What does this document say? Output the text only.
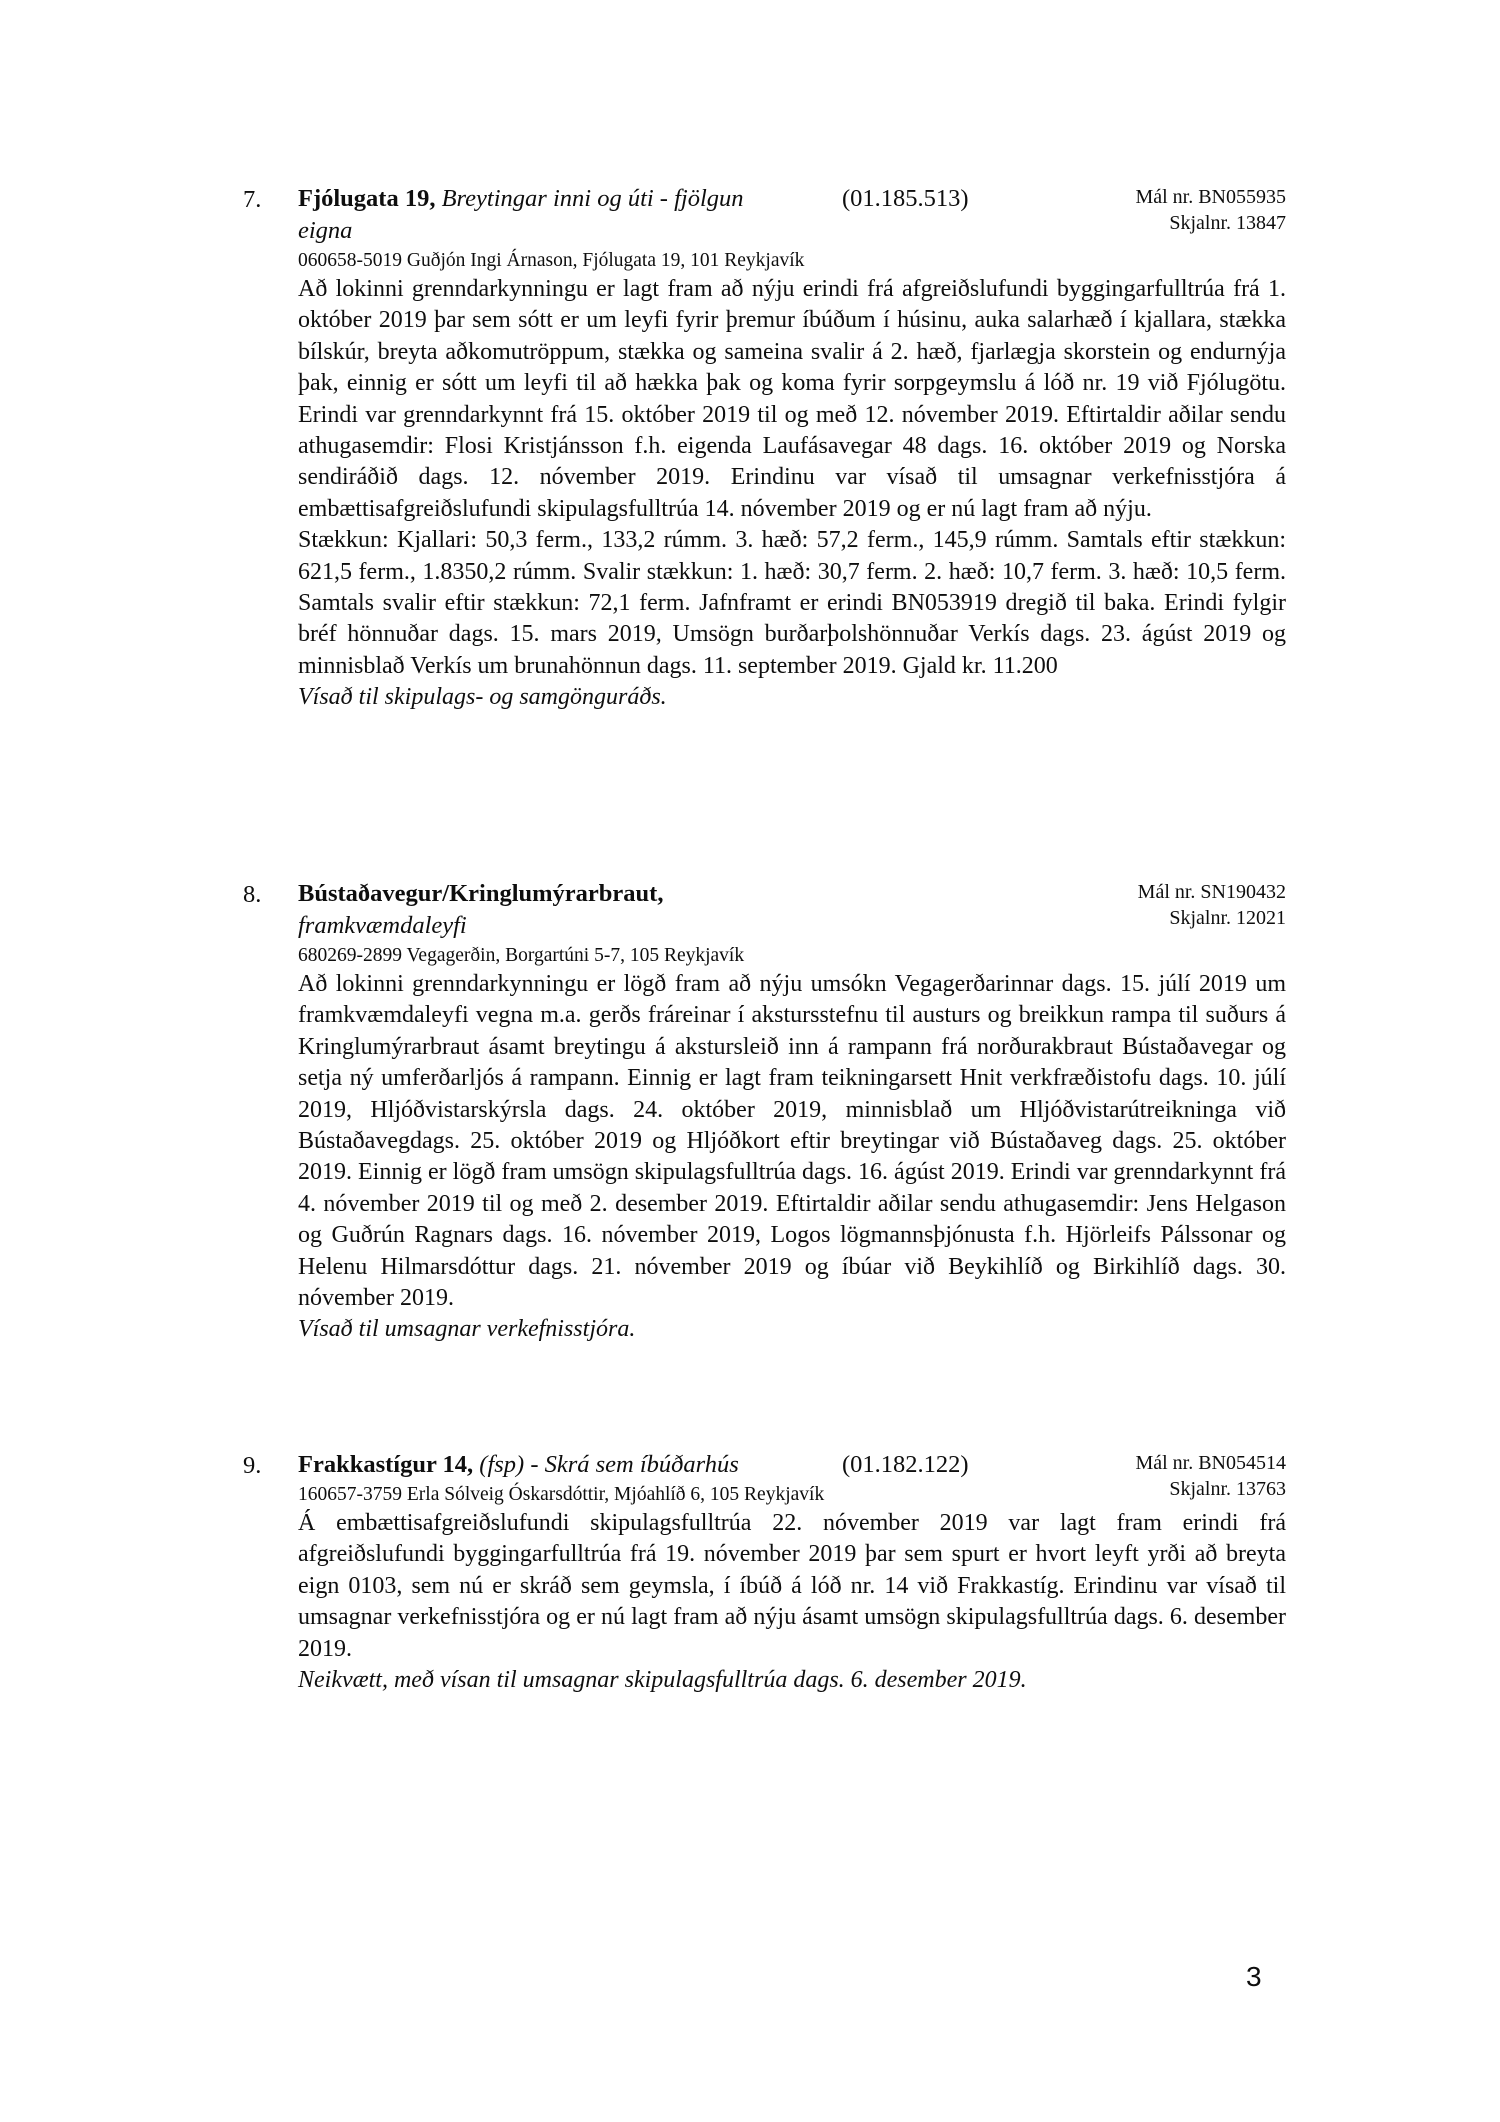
7. Fjólugata 19, Breytingar inni og úti - fjölgun eigna
(01.185.513)	Mál nr. BN055935
Skjalnr. 13847
060658-5019 Guðjón Ingi Árnason, Fjólugata 19, 101 Reykjavík

Að lokinni grenndarkynningu er lagt fram að nýju erindi frá afgreiðslufundi byggingarfulltrúa frá 1. október 2019 þar sem sótt er um leyfi fyrir þremur íbúðum í húsinu, auka salarhæð í kjallara, stækka bílskúr, breyta aðkomutröppum, stækka og sameina svalir á 2. hæð, fjarlægja skorstein og endurnýja þak, einnig er sótt um leyfi til að hækka þak og koma fyrir sorpgeymslu á lóð nr. 19 við Fjólugötu. Erindi var grenndarkynnt frá 15. október 2019 til og með 12. nóvember 2019. Eftirtaldir aðilar sendu athugasemdir: Flosi Kristjánsson f.h. eigenda Laufásavegar 48 dags. 16. október 2019 og Norska sendiráðið dags. 12. nóvember 2019. Erindinu var vísað til umsagnar verkefnisstjóra á embættisafgreiðslufundi skipulagsfulltrúa 14. nóvember 2019 og er nú lagt fram að nýju.

Stækkun: Kjallari: 50,3 ferm., 133,2 rúmm. 3. hæð: 57,2 ferm., 145,9 rúmm. Samtals eftir stækkun: 621,5 ferm., 1.8350,2 rúmm. Svalir stækkun: 1. hæð: 30,7 ferm. 2. hæð: 10,7 ferm. 3. hæð: 10,5 ferm. Samtals svalir eftir stækkun: 72,1 ferm. Jafnframt er erindi BN053919 dregið til baka. Erindi fylgir bréf hönnuðar dags. 15. mars 2019, Umsögn burðarþolshönnuðar Verkís dags. 23. ágúst 2019 og minnisblað Verkís um brunahönnun dags. 11. september 2019. Gjald kr. 11.200

Vísað til skipulags- og samgönguráðs.

8. Bústaðavegur/Kringlumýrarbraut, framkvæmdaleyfi
Mál nr. SN190432
Skjalnr. 12021
680269-2899 Vegagerðin, Borgartúni 5-7, 105 Reykjavík

Að lokinni grenndarkynningu er lögð fram að nýju umsókn Vegagerðarinnar dags. 15. júlí 2019 um framkvæmdaleyfi vegna m.a. gerðs fráreinar í akstursstefnu til austurs og breikkun rampa til suðurs á Kringlumýrarbraut ásamt breytingu á akstursleið inn á rampann frá norðurakbraut Bústaðavegar og setja ný umferðarljós á rampann. Einnig er lagt fram teikningarsett Hnit verkfræðistofu dags. 10. júlí 2019, Hljóðvistarskýrsla dags. 24. október 2019, minnisblað um Hljóðvistarútreikninga við Bústaðavegdags. 25. október 2019 og Hljóðkort eftir breytingar við Bústaðaveg dags. 25. október 2019. Einnig er lögð fram umsögn skipulagsfulltrúa dags. 16. ágúst 2019. Erindi var grenndarkynnt frá 4. nóvember 2019 til og með 2. desember 2019. Eftirtaldir aðilar sendu athugasemdir: Jens Helgason og Guðrún Ragnars dags. 16. nóvember 2019, Logos lögmannsþjónusta f.h. Hjörleifs Pálssonar og Helenu Hilmarsdóttur dags. 21. nóvember 2019 og íbúar við Beykihlíð og Birkihlíð dags. 30. nóvember 2019.

Vísað til umsagnar verkefnisstjóra.

9. Frakkastígur 14, (fsp) - Skrá sem íbúðarhús	(01.182.122)	Mál nr. BN054514
Skjalnr. 13763
160657-3759 Erla Sólveig Óskarsdóttir, Mjóahlíð 6, 105 Reykjavík

Á embættisafgreiðslufundi skipulagsfulltrúa 22. nóvember 2019 var lagt fram erindi frá afgreiðslufundi byggingarfulltrúa frá 19. nóvember 2019 þar sem spurt er hvort leyft yrði að breyta eign 0103, sem nú er skráð sem geymsla, í íbúð á lóð nr. 14 við Frakkastíg. Erindinu var vísað til umsagnar verkefnisstjóra og er nú lagt fram að nýju ásamt umsögn skipulagsfulltrúa dags. 6. desember 2019.

Neikvætt, með vísan til umsagnar skipulagsfulltrúa dags. 6. desember 2019.

3
